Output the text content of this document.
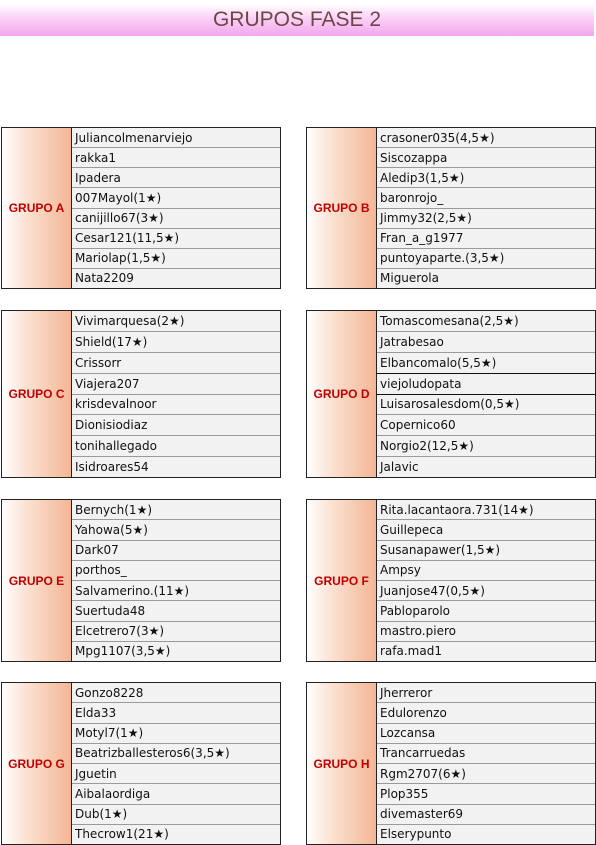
GRUPOS FASE 2
GRUPO A
Juliancolmenarviejo
rakka1
Ipadera
007Mayol(1★)
canijillo67(3★)
Cesar121(11,5★)
Mariolap(1,5★)
Nata2209
GRUPO B
crasoner035(4,5★)
Siscozappa
Aledip3(1,5★)
baronrojo_
Jimmy32(2,5★)
Fran_a_g1977
puntoyaparte.(3,5★)
Miguerola
GRUPO C
Vivimarquesa(2★)
Shield(17★)
Crissorr
Viajera207
krisdevalnoor
Dionisiodiaz
tonihallegado
Isidroares54
GRUPO D
Tomascomesana(2,5★)
Jatrabesao
Elbancomalo(5,5★)
viejoludopata
Luisarosalesdom(0,5★)
Copernico60
Norgio2(12,5★)
Jalavic
GRUPO E
Bernych(1★)
Yahowa(5★)
Dark07
porthos_
Salvamerino.(11★)
Suertuda48
Elcetrero7(3★)
Mpg1107(3,5★)
GRUPO F
Rita.lacantaora.731(14★)
Guillepeca
Susanapawer(1,5★)
Ampsy
Juanjose47(0,5★)
Pabloparolo
mastro.piero
rafa.mad1
GRUPO G
Gonzo8228
Elda33
Motyl7(1★)
Beatrizballesteros6(3,5★)
Jguetin
Aibalaordiga
Dub(1★)
Thecrow1(21★)
GRUPO H
Jherreror
Edulorenzo
Lozcansa
Trancarruedas
Rgm2707(6★)
Plop355
divemaster69
Elserypunto
